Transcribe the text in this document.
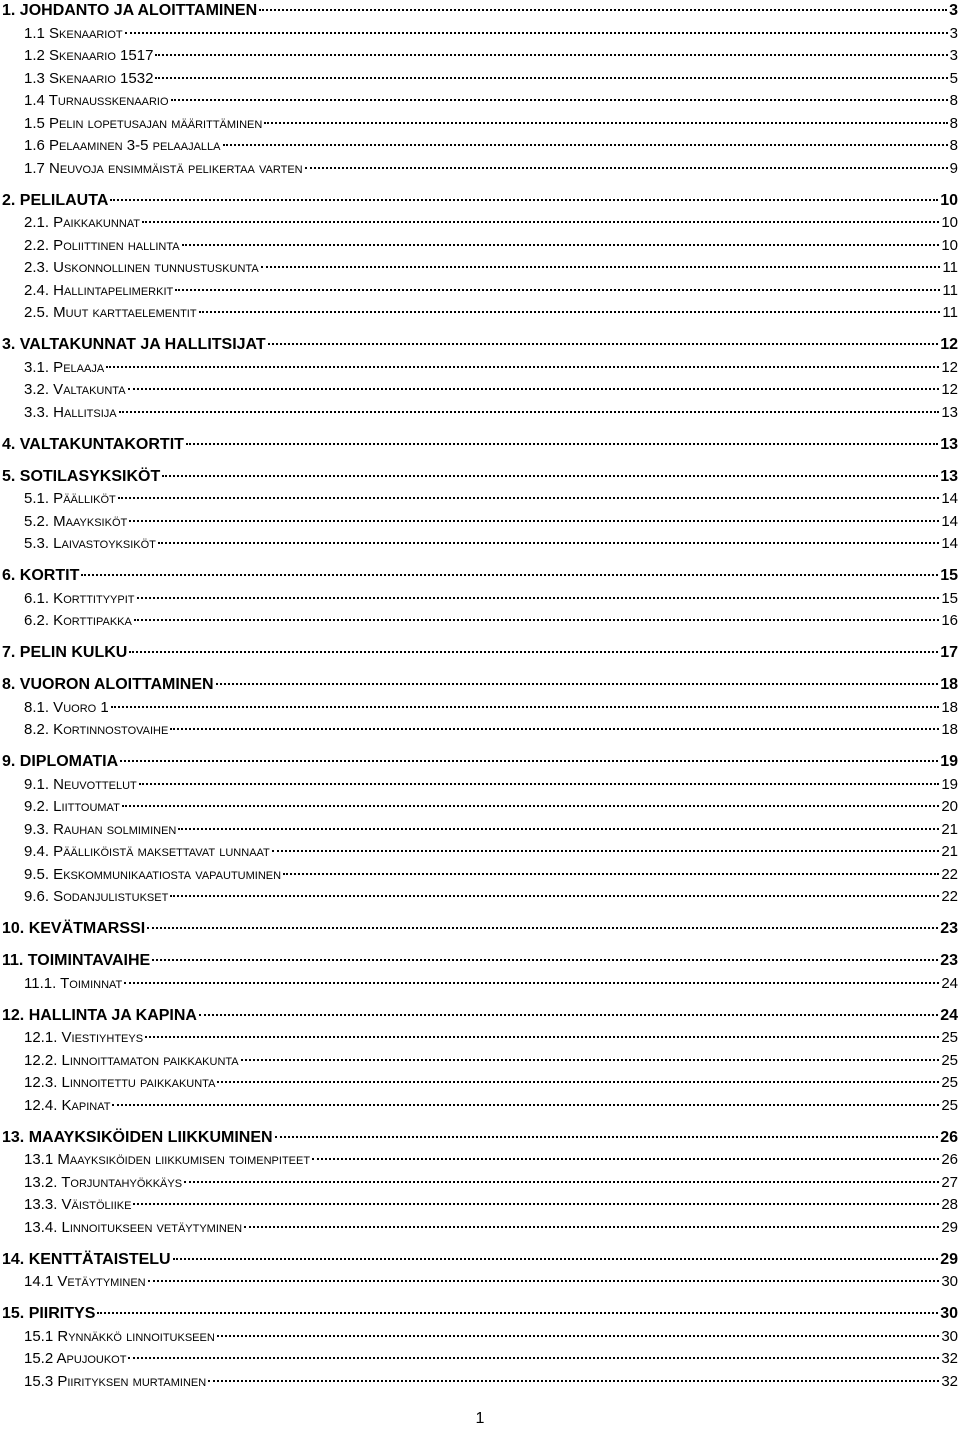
1. JOHDANTO JA ALOITTAMINEN	3
1.1 Skenaariot	3
1.2 Skenaario 1517	3
1.3 Skenaario 1532	5
1.4 Turnausskenaario	8
1.5 Pelin lopetusajan määrittäminen	8
1.6 Pelaaminen 3-5 pelaajalla	8
1.7 Neuvoja ensimmäistä pelikertaa varten	9
2. PELILAUTA	10
2.1. Paikkakunnat	10
2.2. Poliittinen hallinta	10
2.3. Uskonnollinen tunnustuskunta	11
2.4. Hallintapelimerkit	11
2.5. Muut karttaelementit	11
3. VALTAKUNNAT JA HALLITSIJAT	12
3.1. Pelaaja	12
3.2. Valtakunta	12
3.3. Hallitsija	13
4. VALTAKUNTAKORTIT	13
5. SOTILASYKSIKÖT	13
5.1. Päälliköt	14
5.2. Maayksiköt	14
5.3. Laivastoyksiköt	14
6. KORTIT	15
6.1. Korttityypit	15
6.2. Korttipakka	16
7. PELIN KULKU	17
8. VUORON ALOITTAMINEN	18
8.1. Vuoro 1	18
8.2. Kortinnostovaihe	18
9. DIPLOMATIA	19
9.1. Neuvottelut	19
9.2. Liittoumat	20
9.3. Rauhan solmiminen	21
9.4. Päälliköistä maksettavat lunnaat	21
9.5. Ekskommunikaatiosta vapautuminen	22
9.6. Sodanjulistukset	22
10. KEVÄTMARSSI	23
11. TOIMINTAVAIHE	23
11.1. Toiminnat	24
12. HALLINTA JA KAPINA	24
12.1. Viestiyhteys	25
12.2. Linnoittamaton paikkakunta	25
12.3. Linnoitettu paikkakunta	25
12.4. Kapinat	25
13. MAAYKSIKÖIDEN LIIKKUMINEN	26
13.1 Maayksiköiden liikkumisen toimenpiteet	26
13.2. Torjuntahyökkäys	27
13.3. Väistöliike	28
13.4. Linnoitukseen vetäytyminen	29
14. KENTTÄTAISTELU	29
14.1 Vetäytyminen	30
15. PIIRITYS	30
15.1 Rynnäkkö linnoitukseen	30
15.2 Apujoukot	32
15.3 Piirityksen murtaminen	32
1
